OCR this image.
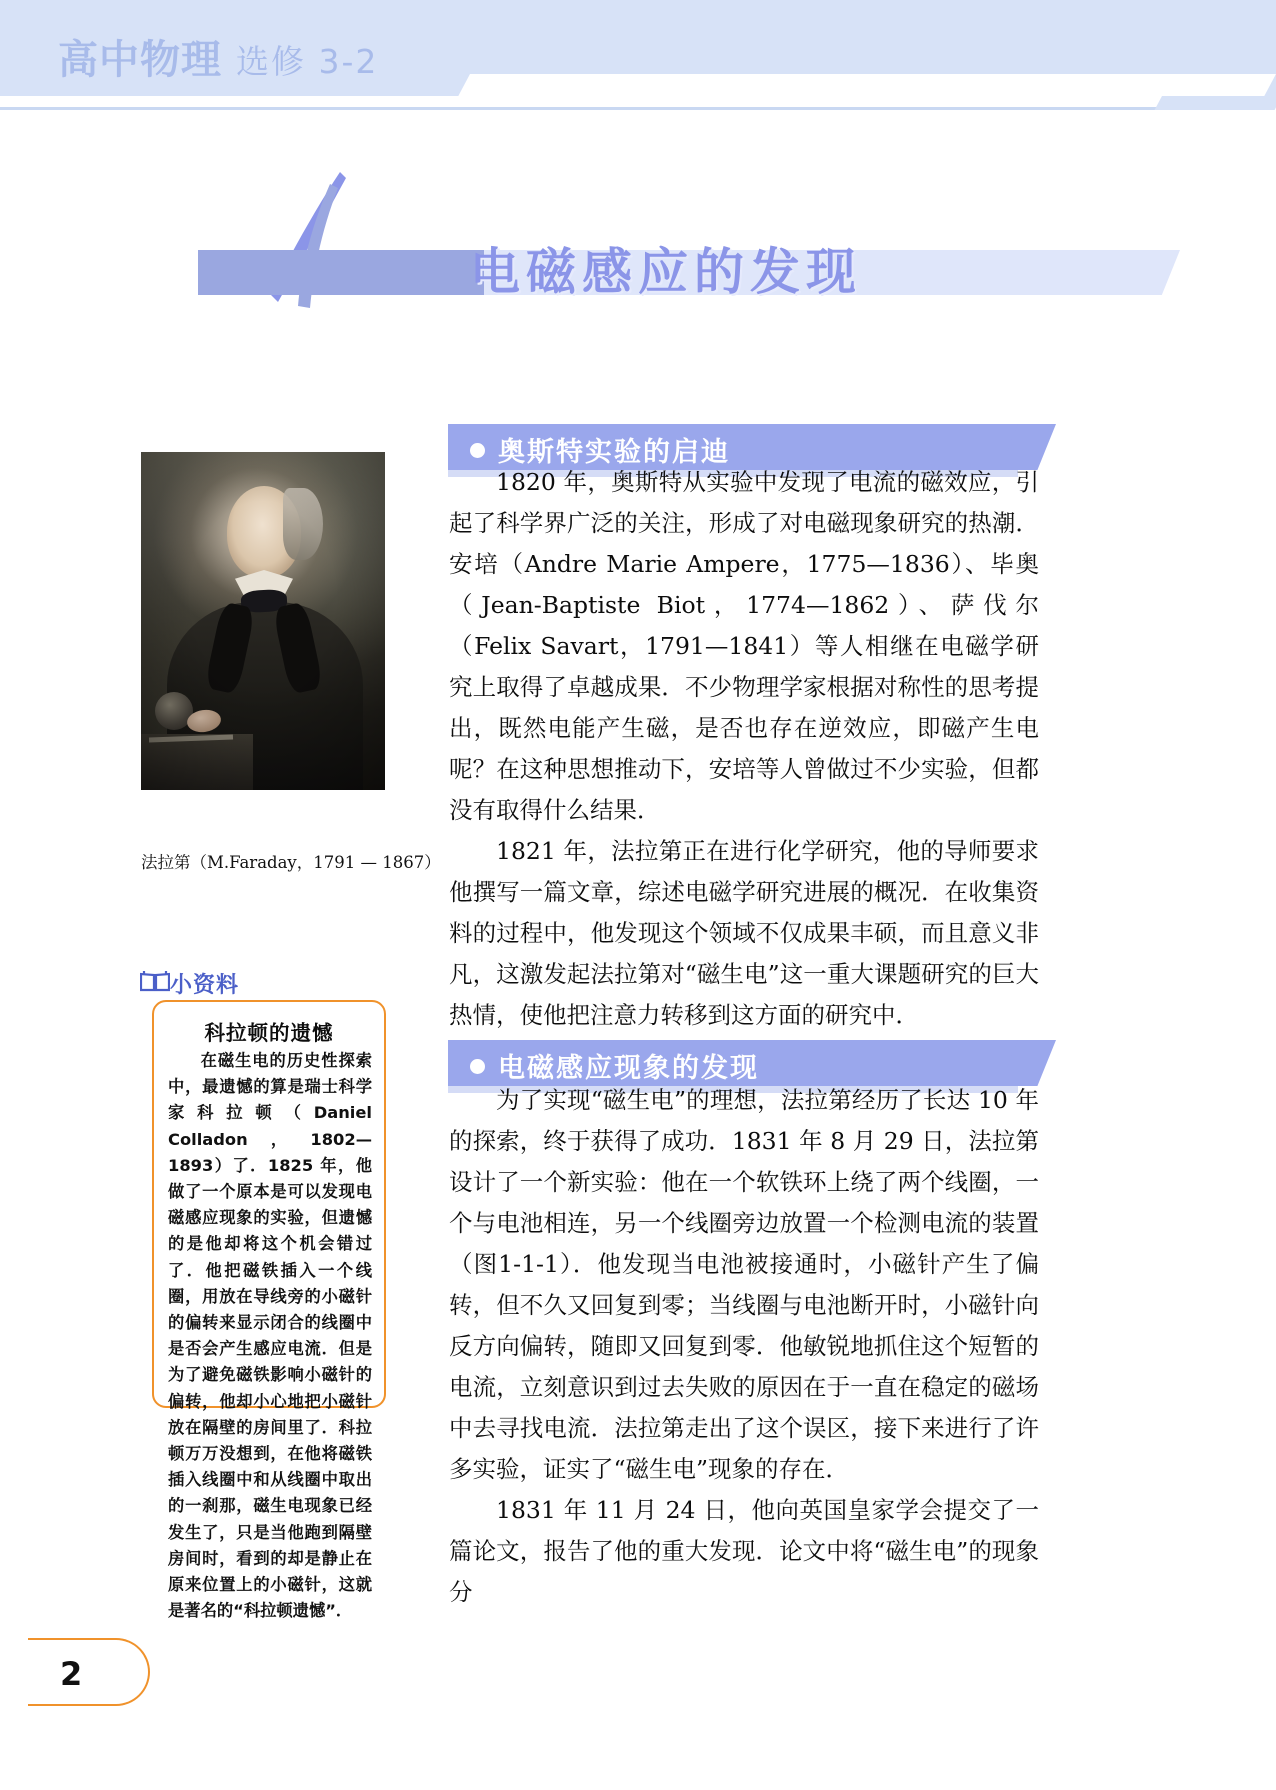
高中物理 选修 3-2
电磁感应的发现
奥斯特实验的启迪
法拉第（M.Faraday，1791 — 1867）

1820 年，奥斯特从实验中发现了电流的磁效应，引起了科学界广泛的关注，形成了对电磁现象研究的热潮．安培（Andre Marie Ampere，1775—1836）、毕奥（Jean-Baptiste Biot，1774—1862）、萨伐尔（Felix Savart，1791—1841）等人相继在电磁学研究上取得了卓越成果．不少物理学家根据对称性的思考提出，既然电能产生磁，是否也存在逆效应，即磁产生电呢？在这种思想推动下，安培等人曾做过不少实验，但都没有取得什么结果．

1821 年，法拉第正在进行化学研究，他的导师要求他撰写一篇文章，综述电磁学研究进展的概况．在收集资料的过程中，他发现这个领域不仅成果丰硕，而且意义非凡，这激发起法拉第对“磁生电”这一重大课题研究的巨大热情，使他把注意力转移到这方面的研究中．

小资料
科拉顿的遗憾

在磁生电的历史性探索中，最遗憾的算是瑞士科学家科拉顿（Daniel Colladon，1802—1893）了．1825 年，他做了一个原本是可以发现电磁感应现象的实验，但遗憾的是他却将这个机会错过了．他把磁铁插入一个线圈，用放在导线旁的小磁针的偏转来显示闭合的线圈中是否会产生感应电流．但是为了避免磁铁影响小磁针的偏转，他却小心地把小磁针放在隔壁的房间里了．科拉顿万万没想到，在他将磁铁插入线圈中和从线圈中取出的一刹那，磁生电现象已经发生了，只是当他跑到隔壁房间时，看到的却是静止在原来位置上的小磁针，这就是著名的“科拉顿遗憾”．

电磁感应现象的发现

为了实现“磁生电”的理想，法拉第经历了长达 10 年的探索，终于获得了成功．1831 年 8 月 29 日，法拉第设计了一个新实验：他在一个软铁环上绕了两个线圈，一个与电池相连，另一个线圈旁边放置一个检测电流的装置（图1-1-1）．他发现当电池被接通时，小磁针产生了偏转，但不久又回复到零；当线圈与电池断开时，小磁针向反方向偏转，随即又回复到零．他敏锐地抓住这个短暂的电流，立刻意识到过去失败的原因在于一直在稳定的磁场中去寻找电流．法拉第走出了这个误区，接下来进行了许多实验，证实了“磁生电”现象的存在．

1831 年 11 月 24 日，他向英国皇家学会提交了一篇论文，报告了他的重大发现．论文中将“磁生电”的现象分

2
